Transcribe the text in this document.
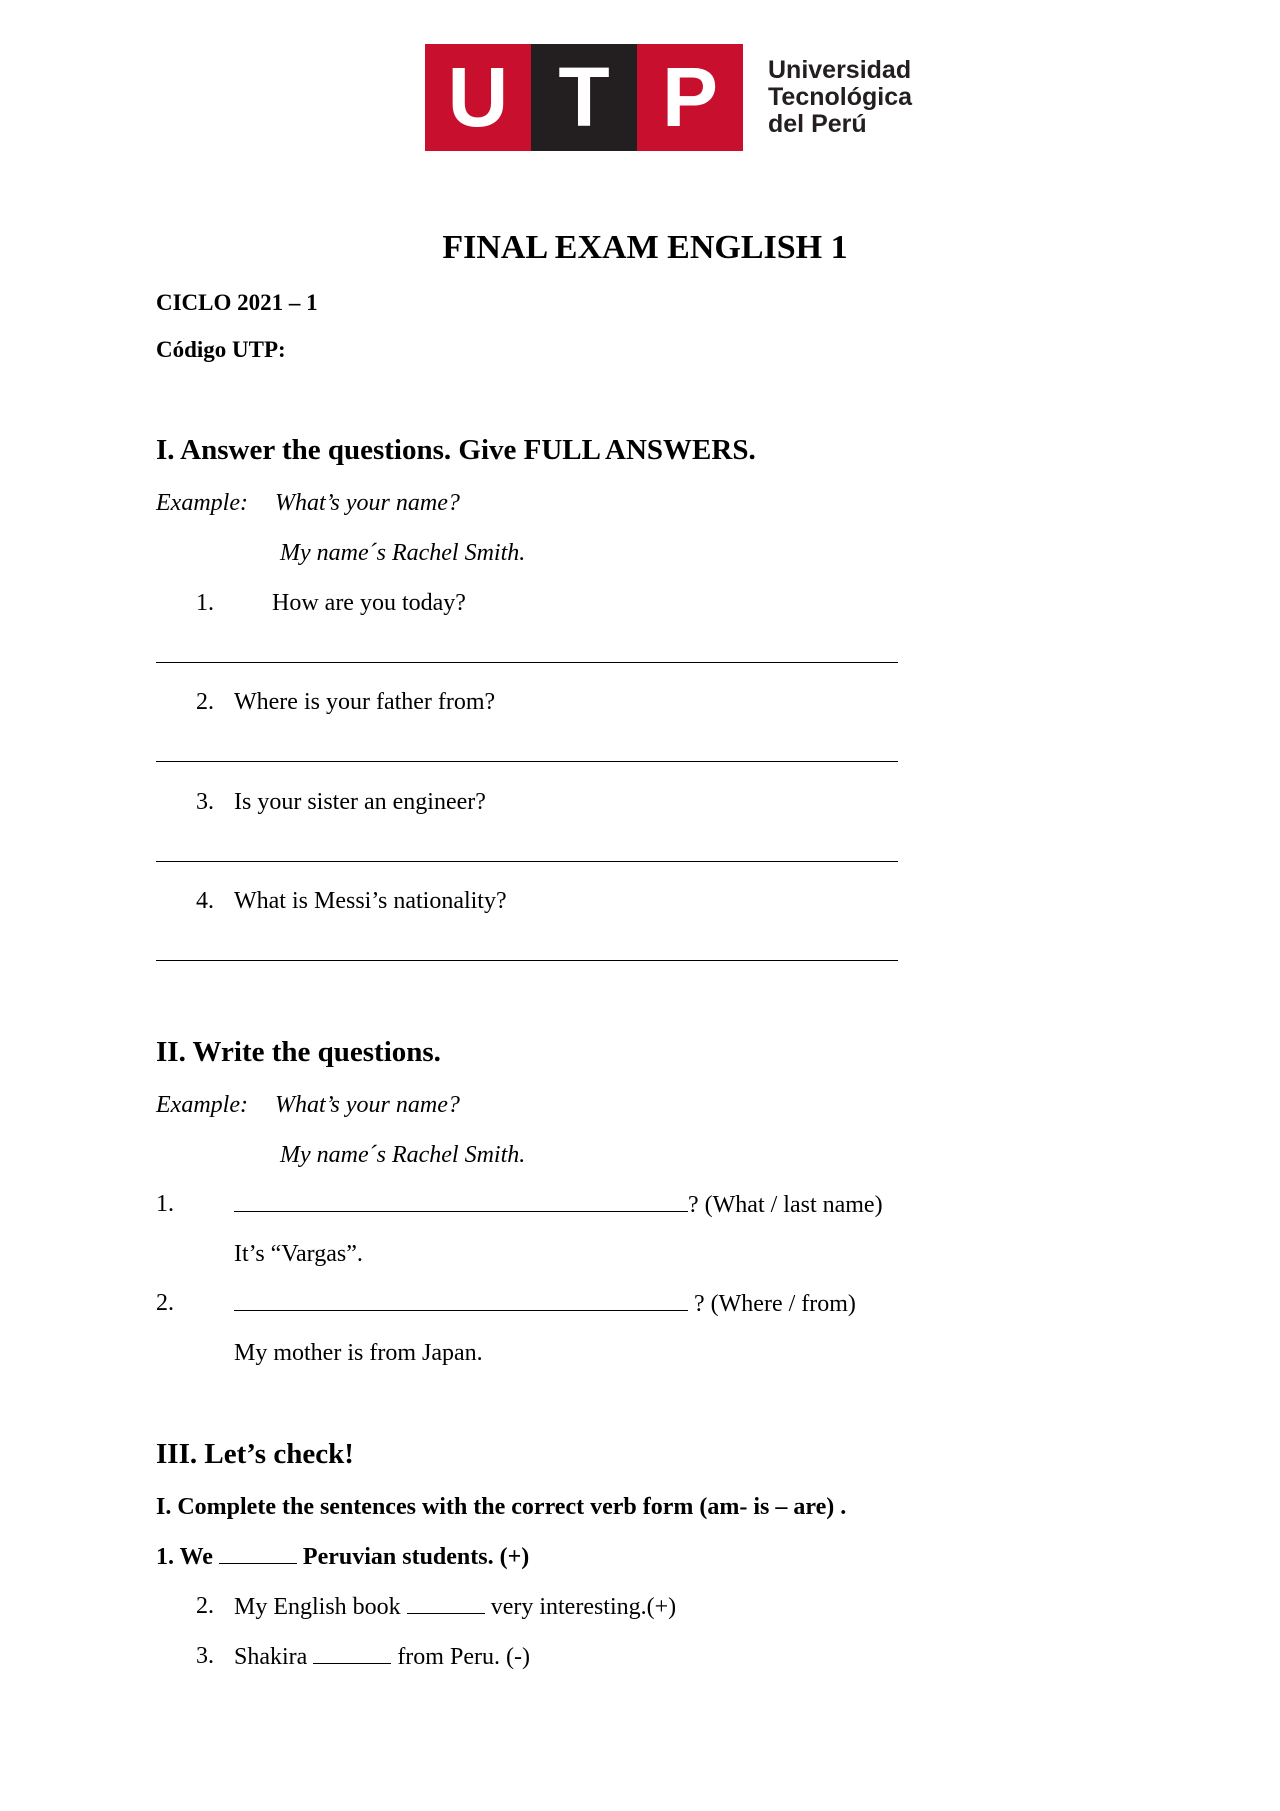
U T P	Universidad
Tecnológica
del Perú
FINAL EXAM ENGLISH 1
CICLO 2021 – 1
Código UTP:
I. Answer the questions. Give FULL ANSWERS.
Example: What’s your name?
My name´s Rachel Smith.
1. How are you today?
2. Where is your father from?
3. Is your sister an engineer?
4. What is Messi’s nationality?
II. Write the questions.
Example: What’s your name?
My name´s Rachel Smith.
1.	? (What / last name)
It’s “Vargas”.
2.	? (Where / from)
My mother is from Japan.
III. Let’s check!
I. Complete the sentences with the correct verb form (am- is – are) .
1. We	Peruvian students. (+)
2. My English book	very interesting.(+)
3. Shakira	from Peru. (-)
